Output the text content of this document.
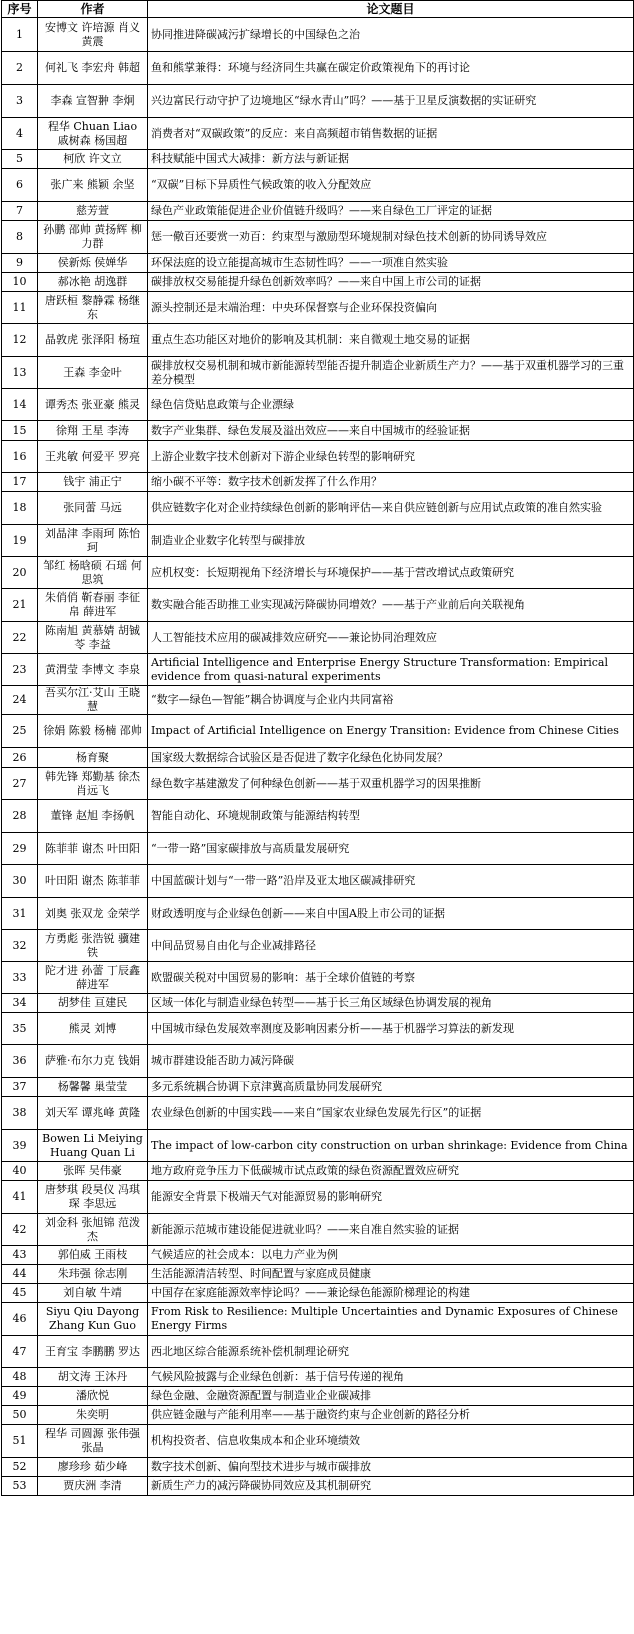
序号	作者	论文题目
1	安博文 许培源 肖义 黄震	协同推进降碳减污扩绿增长的中国绿色之治
2	何礼飞 李宏舟 韩超	鱼和熊掌兼得：环境与经济同生共赢在碳定价政策视角下的再讨论
3	李森 宣智翀 李炯	兴边富民行动守护了边境地区“绿水青山”吗？——基于卫星反演数据的实证研究
4	程华 Chuan Liao 戚树森 杨国超	消费者对“双碳政策”的反应：来自高频超市销售数据的证据
5	柯欣 许文立	科技赋能中国式大减排：新方法与新证据
6	张广来 熊颖 余坚	“双碳”目标下异质性气候政策的收入分配效应
7	慈芳萱	绿色产业政策能促进企业价值链升级吗？——来自绿色工厂评定的证据
8	孙鹏 邵帅 黄扬辉 柳力群	惩一儆百还要赏一劝百：约束型与激励型环境规制对绿色技术创新的协同诱导效应
9	侯新烁 侯婵华	环保法庭的设立能提高城市生态韧性吗？——一项准自然实验
10	郝冰艳 胡逸群	碳排放权交易能提升绿色创新效率吗？——来自中国上市公司的证据
11	唐跃桓 黎静霖 杨继东	源头控制还是末端治理：中央环保督察与企业环保投资偏向
12	晶敦虎 张泽阳 杨瑄	重点生态功能区对地价的影响及其机制：来自微观土地交易的证据
13	王森 李金叶	碳排放权交易机制和城市新能源转型能否提升制造企业新质生产力？——基于双重机器学习的三重差分模型
14	谭秀杰 张亚豪 熊灵	绿色信贷贴息政策与企业漂绿
15	徐翔 王星 李涛	数字产业集群、绿色发展及溢出效应——来自中国城市的经验证据
16	王兆敏 何爱平 罗亮	上游企业数字技术创新对下游企业绿色转型的影响研究
17	钱宇 浦正宁	缩小碳不平等：数字技术创新发挥了什么作用？
18	张同蕾 马远	供应链数字化对企业持续绿色创新的影响评估—来自供应链创新与应用试点政策的准自然实验
19	刘晶津 李雨珂 陈怡珂	制造业企业数字化转型与碳排放
20	邹红 杨晗硕 石瑶 何思筑	应机权变：长短期视角下经济增长与环境保护——基于营改增试点政策研究
21	朱俏俏 靳春丽 李征帛 薛进军	数实融合能否助推工业实现减污降碳协同增效？——基于产业前后向关联视角
22	陈南旭 黄慕婧 胡铖苓 李益	人工智能技术应用的碳减排效应研究——兼论协同治理效应
23	黄渭莹 李博文 李泉	Artificial Intelligence and Enterprise Energy Structure Transformation: Empirical evidence from quasi-natural experiments
24	吾买尔江·艾山 王晓慧	“数字—绿色—智能”耦合协调度与企业内共同富裕
25	徐娟 陈毅 杨楠 邵帅	Impact of Artificial Intelligence on Energy Transition: Evidence from Chinese Cities
26	杨育聚	国家级大数据综合试验区是否促进了数字化绿色化协同发展？
27	韩先锋 郑勤基 徐杰 肖远飞	绿色数字基建激发了何种绿色创新——基于双重机器学习的因果推断
28	董锋 赵旭 李扬帆	智能自动化、环境规制政策与能源结构转型
29	陈菲菲 谢杰 叶田阳	“一带一路”国家碳排放与高质量发展研究
30	叶田阳 谢杰 陈菲菲	中国蓝碳计划与“一带一路”沿岸及亚太地区碳减排研究
31	刘奥 张双龙 金荣学	财政透明度与企业绿色创新——来自中国A股上市公司的证据
32	方勇彪 张浩锐 骥建铁	中间品贸易自由化与企业减排路径
33	陀才进 孙蕾 丁辰鑫 薛进军	欧盟碳关税对中国贸易的影响：基于全球价值链的考察
34	胡梦佳 亘建民	区域一体化与制造业绿色转型——基于长三角区域绿色协调发展的视角
35	熊灵 刘博	中国城市绿色发展效率测度及影响因素分析——基于机器学习算法的新发现
36	萨雅·布尔力克 钱娟	城市群建设能否助力减污降碳
37	杨馨馨 巢莹莹	多元系统耦合协调下京津冀高质量协同发展研究
38	刘天军 谭兆峰 黄隆	农业绿色创新的中国实践——来自“国家农业绿色发展先行区”的证据
39	Bowen Li Meiying Huang Quan Li	The impact of low-carbon city construction on urban shrinkage: Evidence from China
40	张晖 吴伟豪	地方政府竞争压力下低碳城市试点政策的绿色资源配置效应研究
41	唐梦琪 段昊仪 冯琪琛 李思远	能源安全背景下极端天气对能源贸易的影响研究
42	刘金科 张旭锦 范泼杰	新能源示范城市建设能促进就业吗？——来自准自然实验的证据
43	郭伯威 王雨枝	气候适应的社会成本：以电力产业为例
44	朱玮强 徐志刚	生活能源清洁转型、时间配置与家庭成员健康
45	刘自敏 牛靖	中国存在家庭能源效率悖论吗？——兼论绿色能源阶梯理论的构建
46	Siyu Qiu Dayong Zhang Kun Guo	From Risk to Resilience: Multiple Uncertainties and Dynamic Exposures of Chinese Energy Firms
47	王育宝 李鹏鹏 罗达	西北地区综合能源系统补偿机制理论研究
48	胡文涛 王沐丹	气候风险披露与企业绿色创新：基于信号传递的视角
49	潘欣悦	绿色金融、金融资源配置与制造业企业碳减排
50	朱奕明	供应链金融与产能利用率——基于融资约束与企业创新的路径分析
51	程华 司圆源 张伟强 张晶	机构投资者、信息收集成本和企业环境绩效
52	廖珍珍 茹少峰	数字技术创新、偏向型技术进步与城市碳排放
53	贾庆洲 李清	新质生产力的减污降碳协同效应及其机制研究
